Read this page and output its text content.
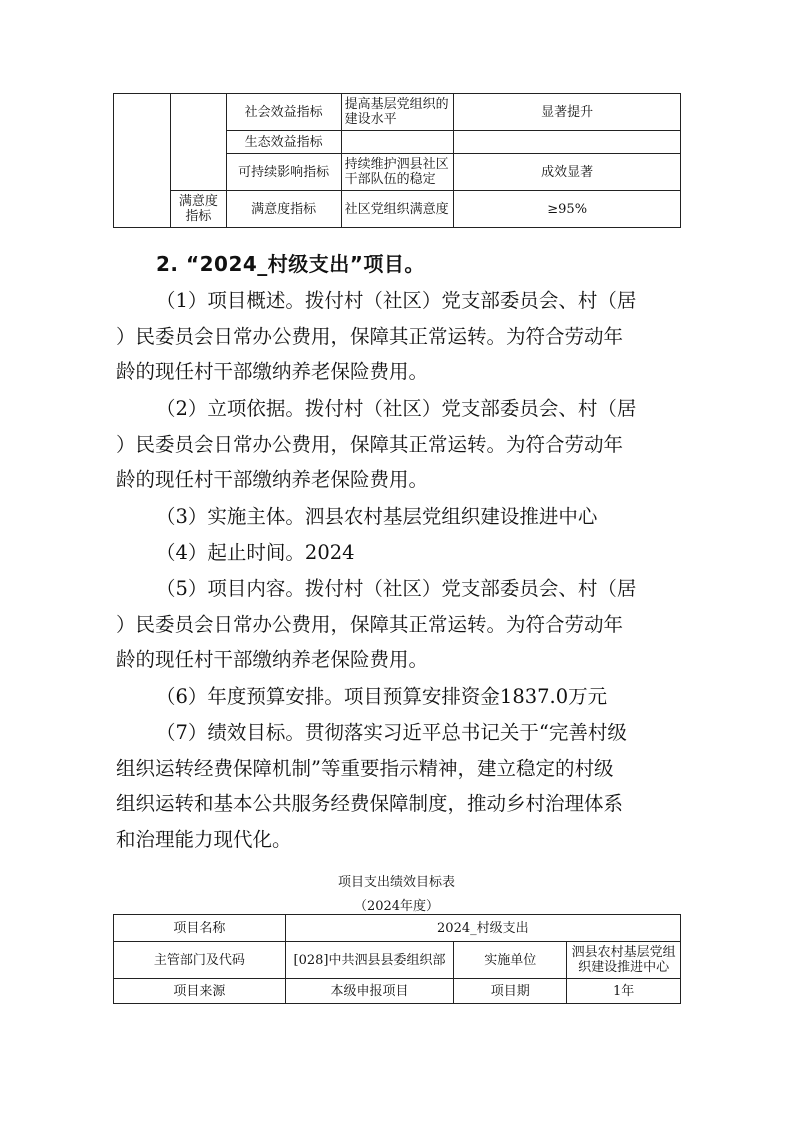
		社会效益指标	提高基层党组织的建设水平	显著提升
		生态效益指标		
		可持续影响指标	持续维护泗县社区干部队伍的稳定	成效显著
	满意度指标	满意度指标	社区党组织满意度	≥95%
2. “2024_村级支出”项目。
（1）项目概述。拨付村（社区）党支部委员会、村（居
）民委员会日常办公费用，保障其正常运转。为符合劳动年
龄的现任村干部缴纳养老保险费用。
（2）立项依据。拨付村（社区）党支部委员会、村（居
）民委员会日常办公费用，保障其正常运转。为符合劳动年
龄的现任村干部缴纳养老保险费用。
（3）实施主体。泗县农村基层党组织建设推进中心
（4）起止时间。2024
（5）项目内容。拨付村（社区）党支部委员会、村（居
）民委员会日常办公费用，保障其正常运转。为符合劳动年
龄的现任村干部缴纳养老保险费用。
（6）年度预算安排。项目预算安排资金1837.0万元
（7）绩效目标。贯彻落实习近平总书记关于“完善村级
组织运转经费保障机制”等重要指示精神，建立稳定的村级
组织运转和基本公共服务经费保障制度，推动乡村治理体系
和治理能力现代化。
项目支出绩效目标表
（2024年度）
项目名称	2024_村级支出		
主管部门及代码	[028]中共泗县县委组织部	实施单位	泗县农村基层党组织建设推进中心
项目来源	本级申报项目	项目期	1年
